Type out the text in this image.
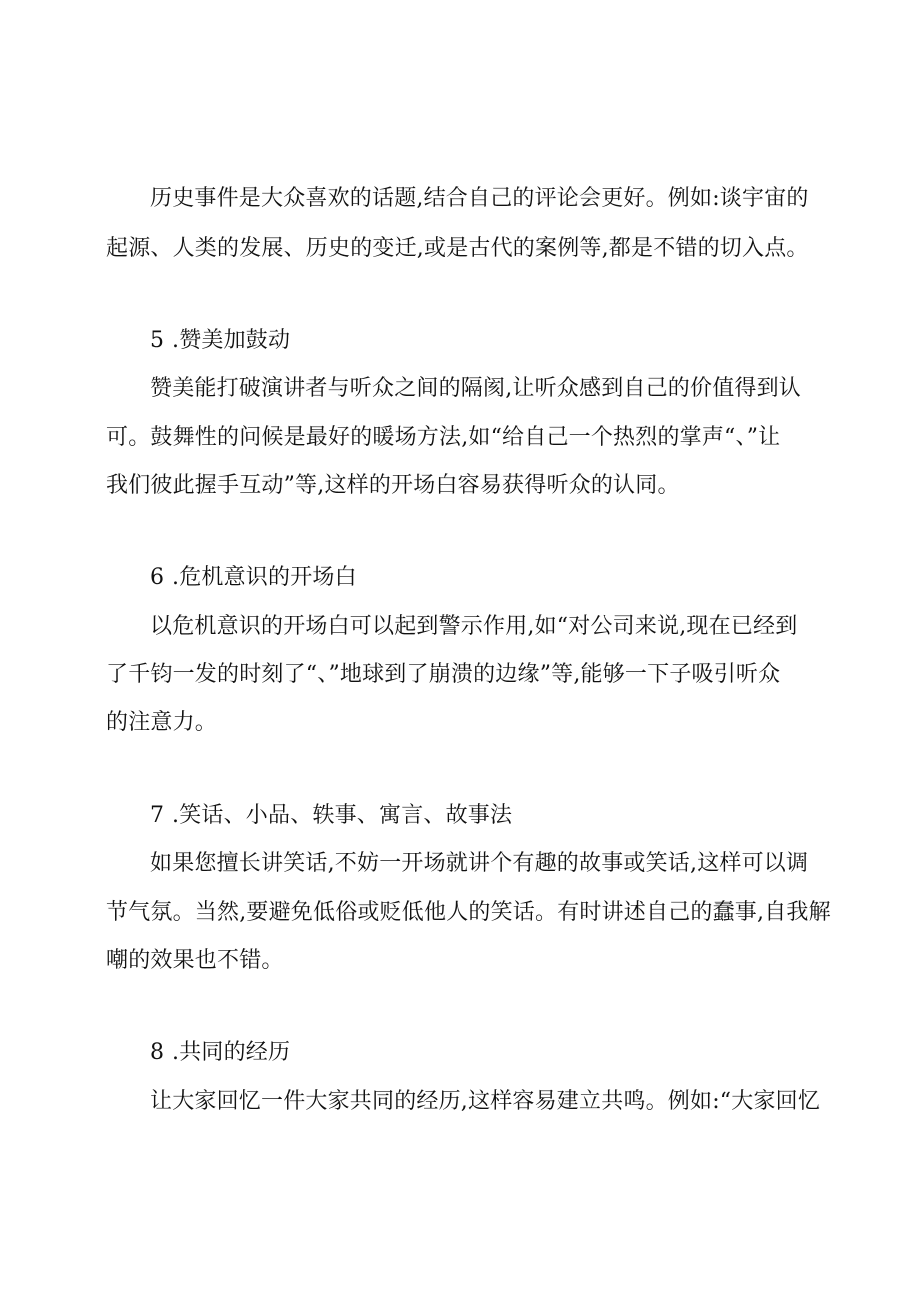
历史事件是大众喜欢的话题,结合自己的评论会更好。例如:谈宇宙的
起源、人类的发展、历史的变迁,或是古代的案例等,都是不错的切入点。
5 .赞美加鼓动
赞美能打破演讲者与听众之间的隔阂,让听众感到自己的价值得到认
可。鼓舞性的问候是最好的暖场方法,如“给自己一个热烈的掌声“、”让
我们彼此握手互动”等,这样的开场白容易获得听众的认同。
6 .危机意识的开场白
以危机意识的开场白可以起到警示作用,如“对公司来说,现在已经到
了千钧一发的时刻了“、”地球到了崩溃的边缘”等,能够一下子吸引听众
的注意力。
7 .笑话、小品、轶事、寓言、故事法
如果您擅长讲笑话,不妨一开场就讲个有趣的故事或笑话,这样可以调
节气氛。当然,要避免低俗或贬低他人的笑话。有时讲述自己的蠢事,自我解
嘲的效果也不错。
8 .共同的经历
让大家回忆一件大家共同的经历,这样容易建立共鸣。例如:“大家回忆
